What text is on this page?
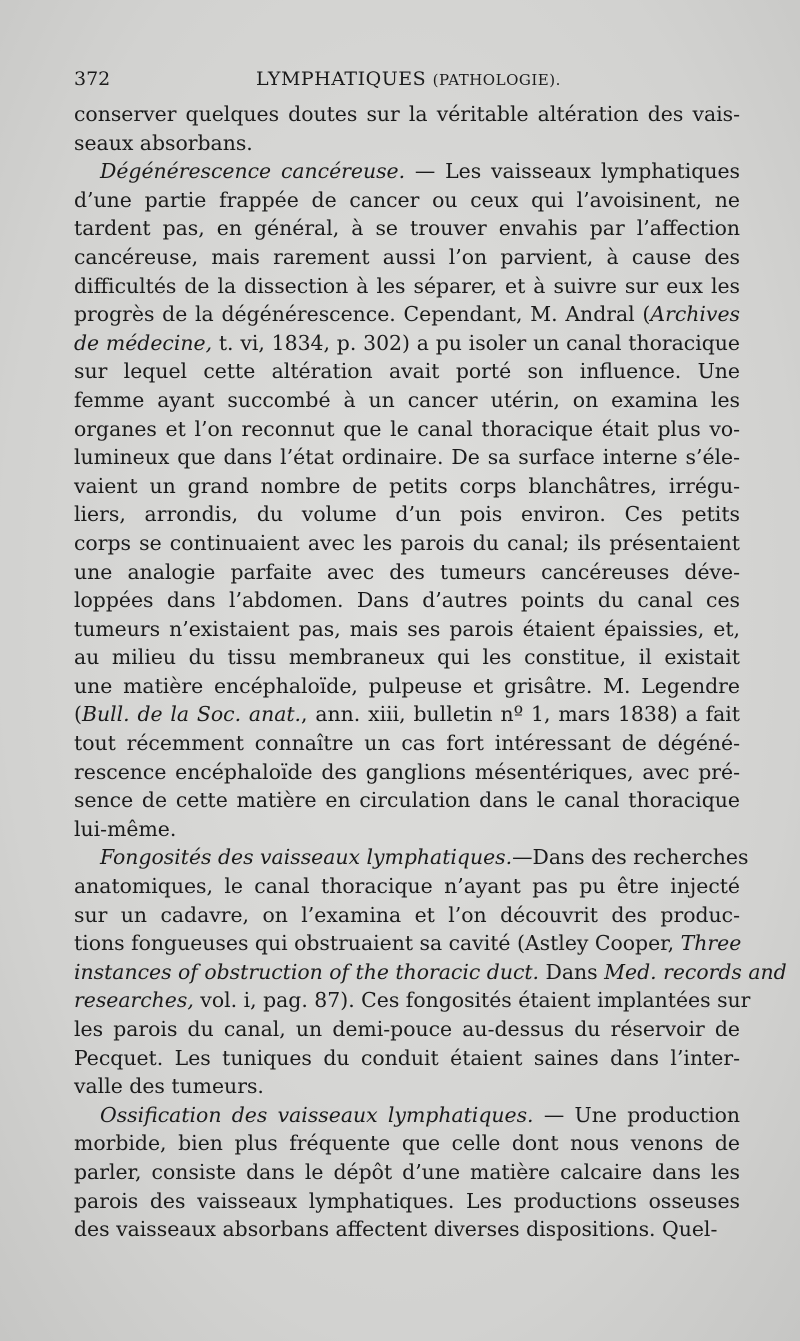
372	LYMPHATIQUES (PATHOLOGIE).
conserver quelques doutes sur la véritable altération des vais-
seaux absorbans.
Dégénérescence cancéreuse. — Les vaisseaux lymphatiques
d’une partie frappée de cancer ou ceux qui l’avoisinent, ne
tardent pas, en général, à se trouver envahis par l’affection
cancéreuse, mais rarement aussi l’on parvient, à cause des
difficultés de la dissection à les séparer, et à suivre sur eux les
progrès de la dégénérescence. Cependant, M. Andral (Archives
de médecine, t. vi, 1834, p. 302) a pu isoler un canal thoracique
sur lequel cette altération avait porté son influence. Une
femme ayant succombé à un cancer utérin, on examina les
organes et l’on reconnut que le canal thoracique était plus vo-
lumineux que dans l’état ordinaire. De sa surface interne s’éle-
vaient un grand nombre de petits corps blanchâtres, irrégu-
liers, arrondis, du volume d’un pois environ. Ces petits
corps se continuaient avec les parois du canal; ils présentaient
une analogie parfaite avec des tumeurs cancéreuses déve-
loppées dans l’abdomen. Dans d’autres points du canal ces
tumeurs n’existaient pas, mais ses parois étaient épaissies, et,
au milieu du tissu membraneux qui les constitue, il existait
une matière encéphaloïde, pulpeuse et grisâtre. M. Legendre
(Bull. de la Soc. anat., ann. xiii, bulletin nº 1, mars 1838) a fait
tout récemment connaître un cas fort intéressant de dégéné-
rescence encéphaloïde des ganglions mésentériques, avec pré-
sence de cette matière en circulation dans le canal thoracique
lui-même.
Fongosités des vaisseaux lymphatiques.—Dans des recherches
anatomiques, le canal thoracique n’ayant pas pu être injecté
sur un cadavre, on l’examina et l’on découvrit des produc-
tions fongueuses qui obstruaient sa cavité (Astley Cooper, Three
instances of obstruction of the thoracic duct. Dans Med. records and
researches, vol. i, pag. 87). Ces fongosités étaient implantées sur
les parois du canal, un demi-pouce au-dessus du réservoir de
Pecquet. Les tuniques du conduit étaient saines dans l’inter-
valle des tumeurs.
Ossification des vaisseaux lymphatiques. — Une production
morbide, bien plus fréquente que celle dont nous venons de
parler, consiste dans le dépôt d’une matière calcaire dans les
parois des vaisseaux lymphatiques. Les productions osseuses
des vaisseaux absorbans affectent diverses dispositions. Quel-
